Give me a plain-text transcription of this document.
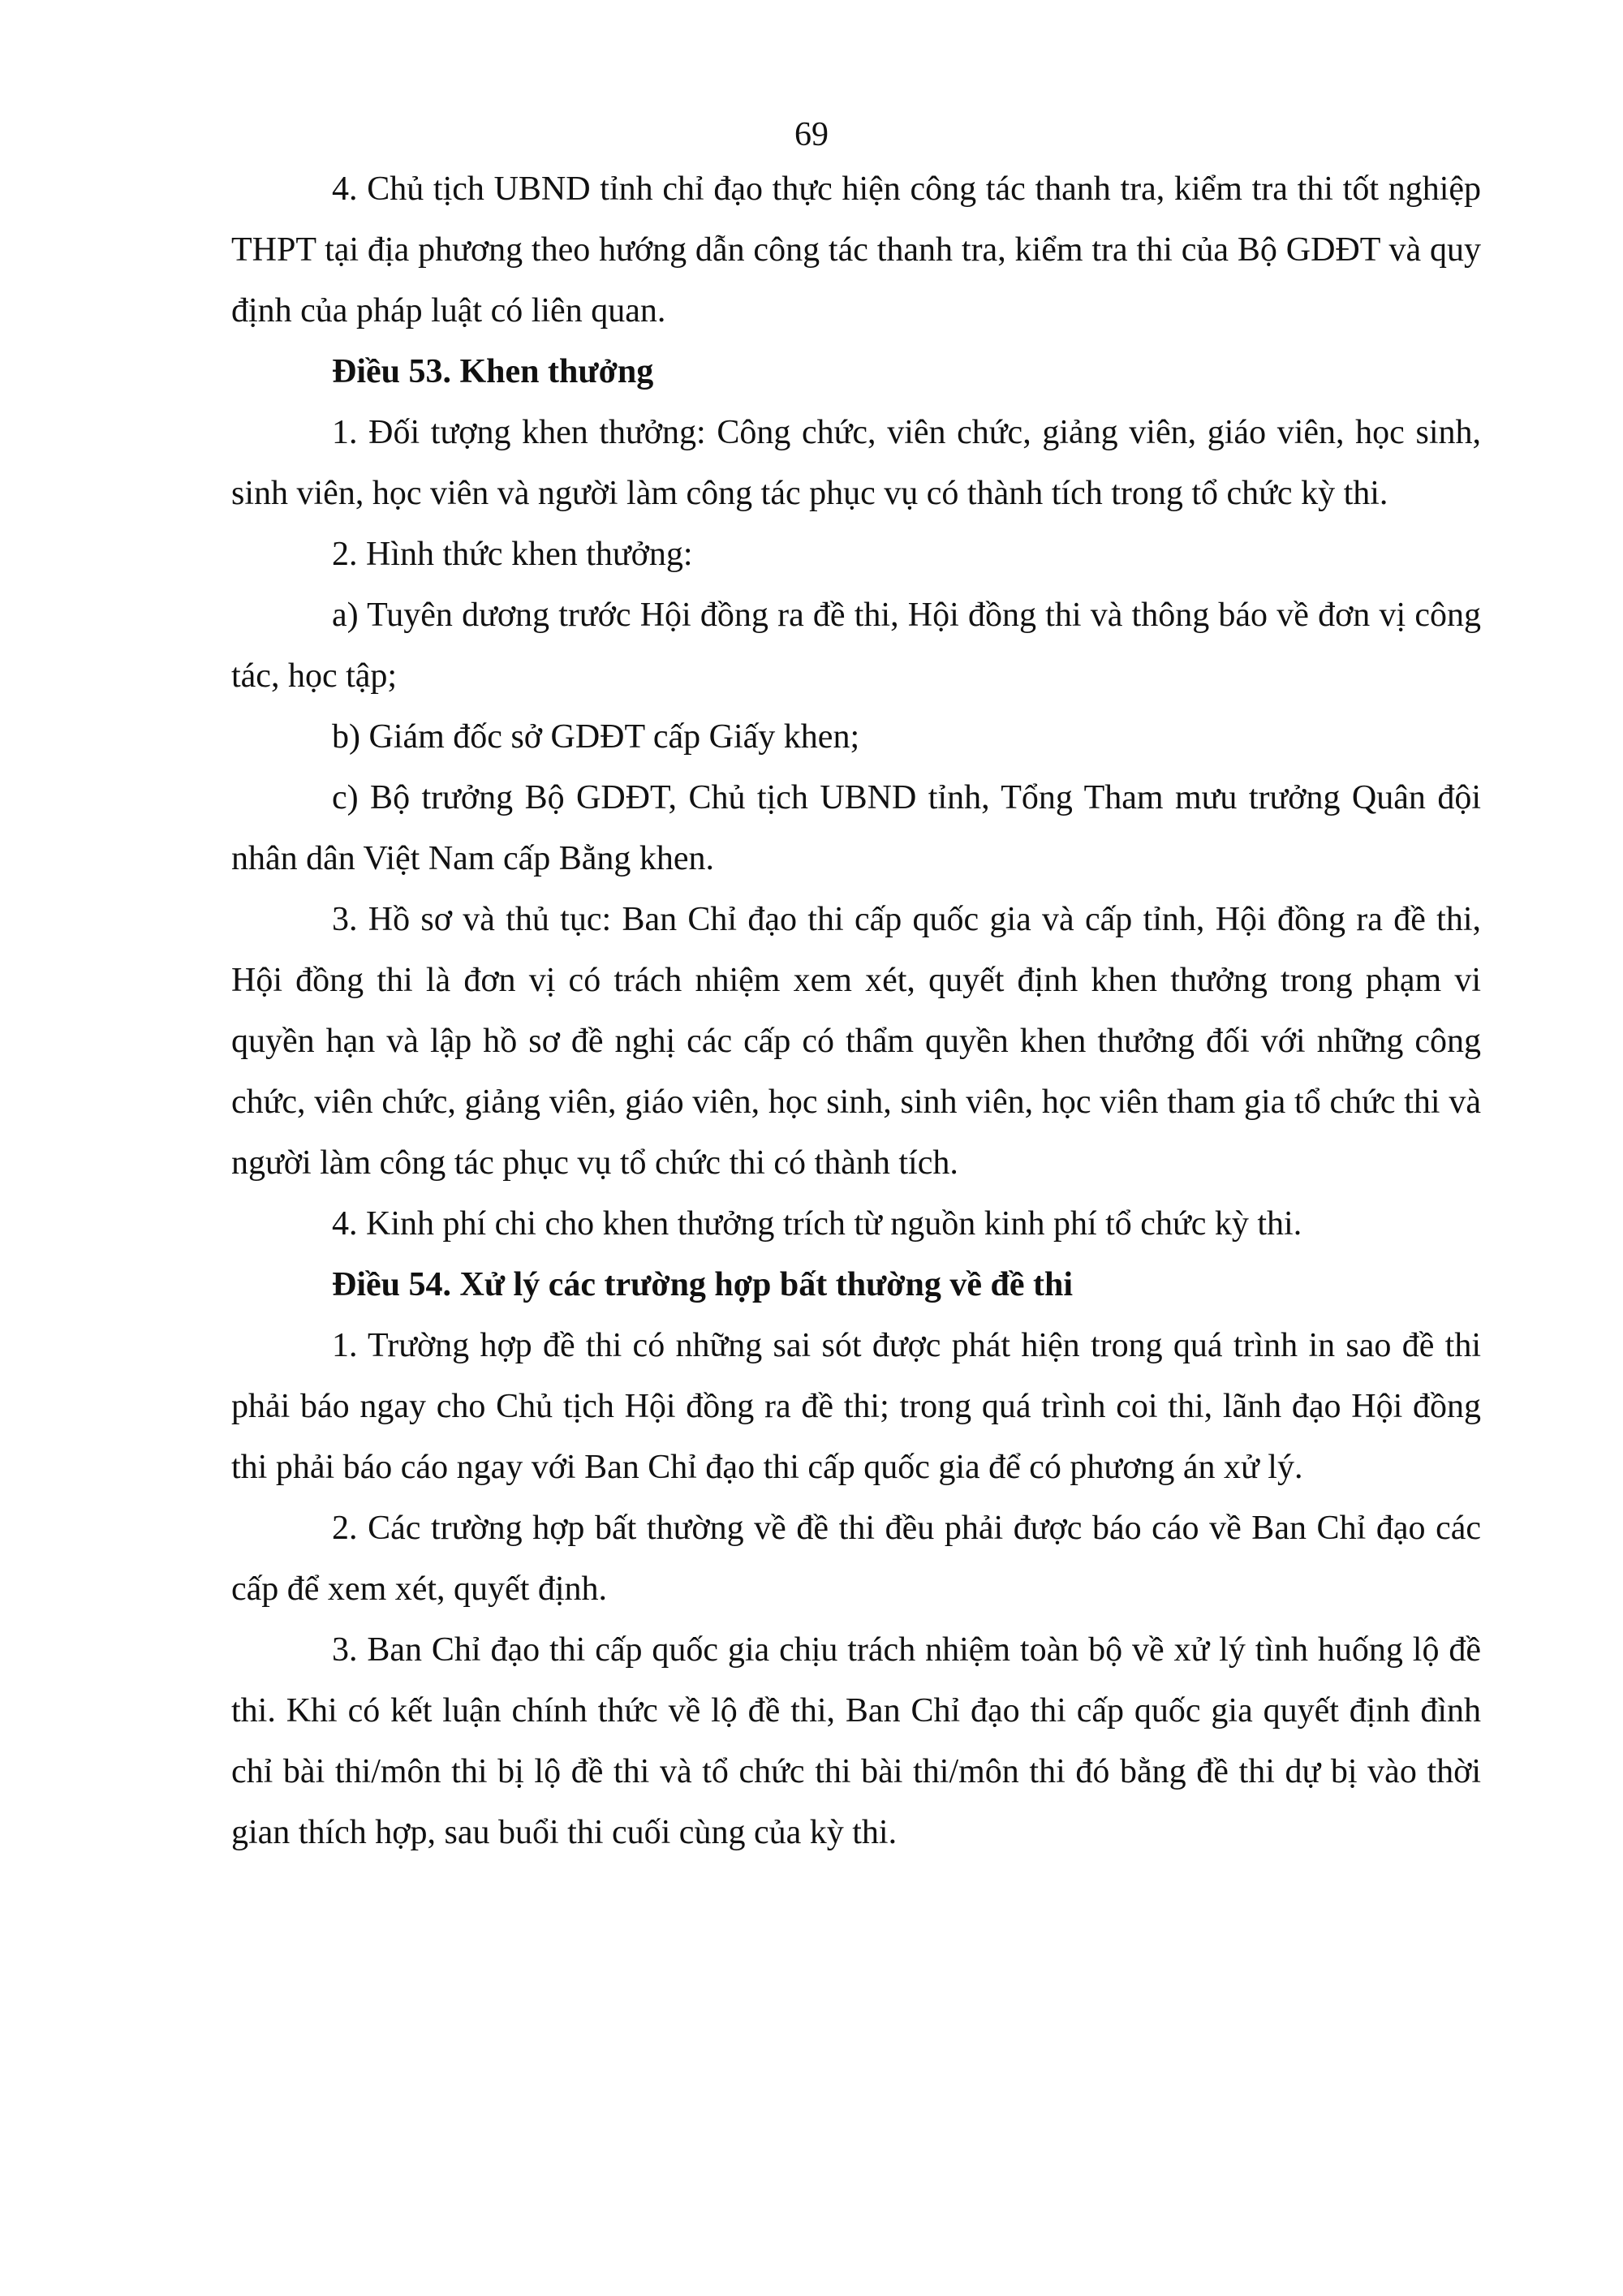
69

4. Chủ tịch UBND tỉnh chỉ đạo thực hiện công tác thanh tra, kiểm tra thi tốt nghiệp THPT tại địa phương theo hướng dẫn công tác thanh tra, kiểm tra thi của Bộ GDĐT và quy định của pháp luật có liên quan.

Điều 53. Khen thưởng

1. Đối tượng khen thưởng: Công chức, viên chức, giảng viên, giáo viên, học sinh, sinh viên, học viên và người làm công tác phục vụ có thành tích trong tổ chức kỳ thi.

2. Hình thức khen thưởng:

a) Tuyên dương trước Hội đồng ra đề thi, Hội đồng thi và thông báo về đơn vị công tác, học tập;

b) Giám đốc sở GDĐT cấp Giấy khen;

c) Bộ trưởng Bộ GDĐT, Chủ tịch UBND tỉnh, Tổng Tham mưu trưởng Quân đội nhân dân Việt Nam cấp Bằng khen.

3. Hồ sơ và thủ tục: Ban Chỉ đạo thi cấp quốc gia và cấp tỉnh, Hội đồng ra đề thi, Hội đồng thi là đơn vị có trách nhiệm xem xét, quyết định khen thưởng trong phạm vi quyền hạn và lập hồ sơ đề nghị các cấp có thẩm quyền khen thưởng đối với những công chức, viên chức, giảng viên, giáo viên, học sinh, sinh viên, học viên tham gia tổ chức thi và người làm công tác phục vụ tổ chức thi có thành tích.

4. Kinh phí chi cho khen thưởng trích từ nguồn kinh phí tổ chức kỳ thi.

Điều 54. Xử lý các trường hợp bất thường về đề thi

1. Trường hợp đề thi có những sai sót được phát hiện trong quá trình in sao đề thi phải báo ngay cho Chủ tịch Hội đồng ra đề thi; trong quá trình coi thi, lãnh đạo Hội đồng thi phải báo cáo ngay với Ban Chỉ đạo thi cấp quốc gia để có phương án xử lý.

2. Các trường hợp bất thường về đề thi đều phải được báo cáo về Ban Chỉ đạo các cấp để xem xét, quyết định.

3. Ban Chỉ đạo thi cấp quốc gia chịu trách nhiệm toàn bộ về xử lý tình huống lộ đề thi. Khi có kết luận chính thức về lộ đề thi, Ban Chỉ đạo thi cấp quốc gia quyết định đình chỉ bài thi/môn thi bị lộ đề thi và tổ chức thi bài thi/môn thi đó bằng đề thi dự bị vào thời gian thích hợp, sau buổi thi cuối cùng của kỳ thi.
